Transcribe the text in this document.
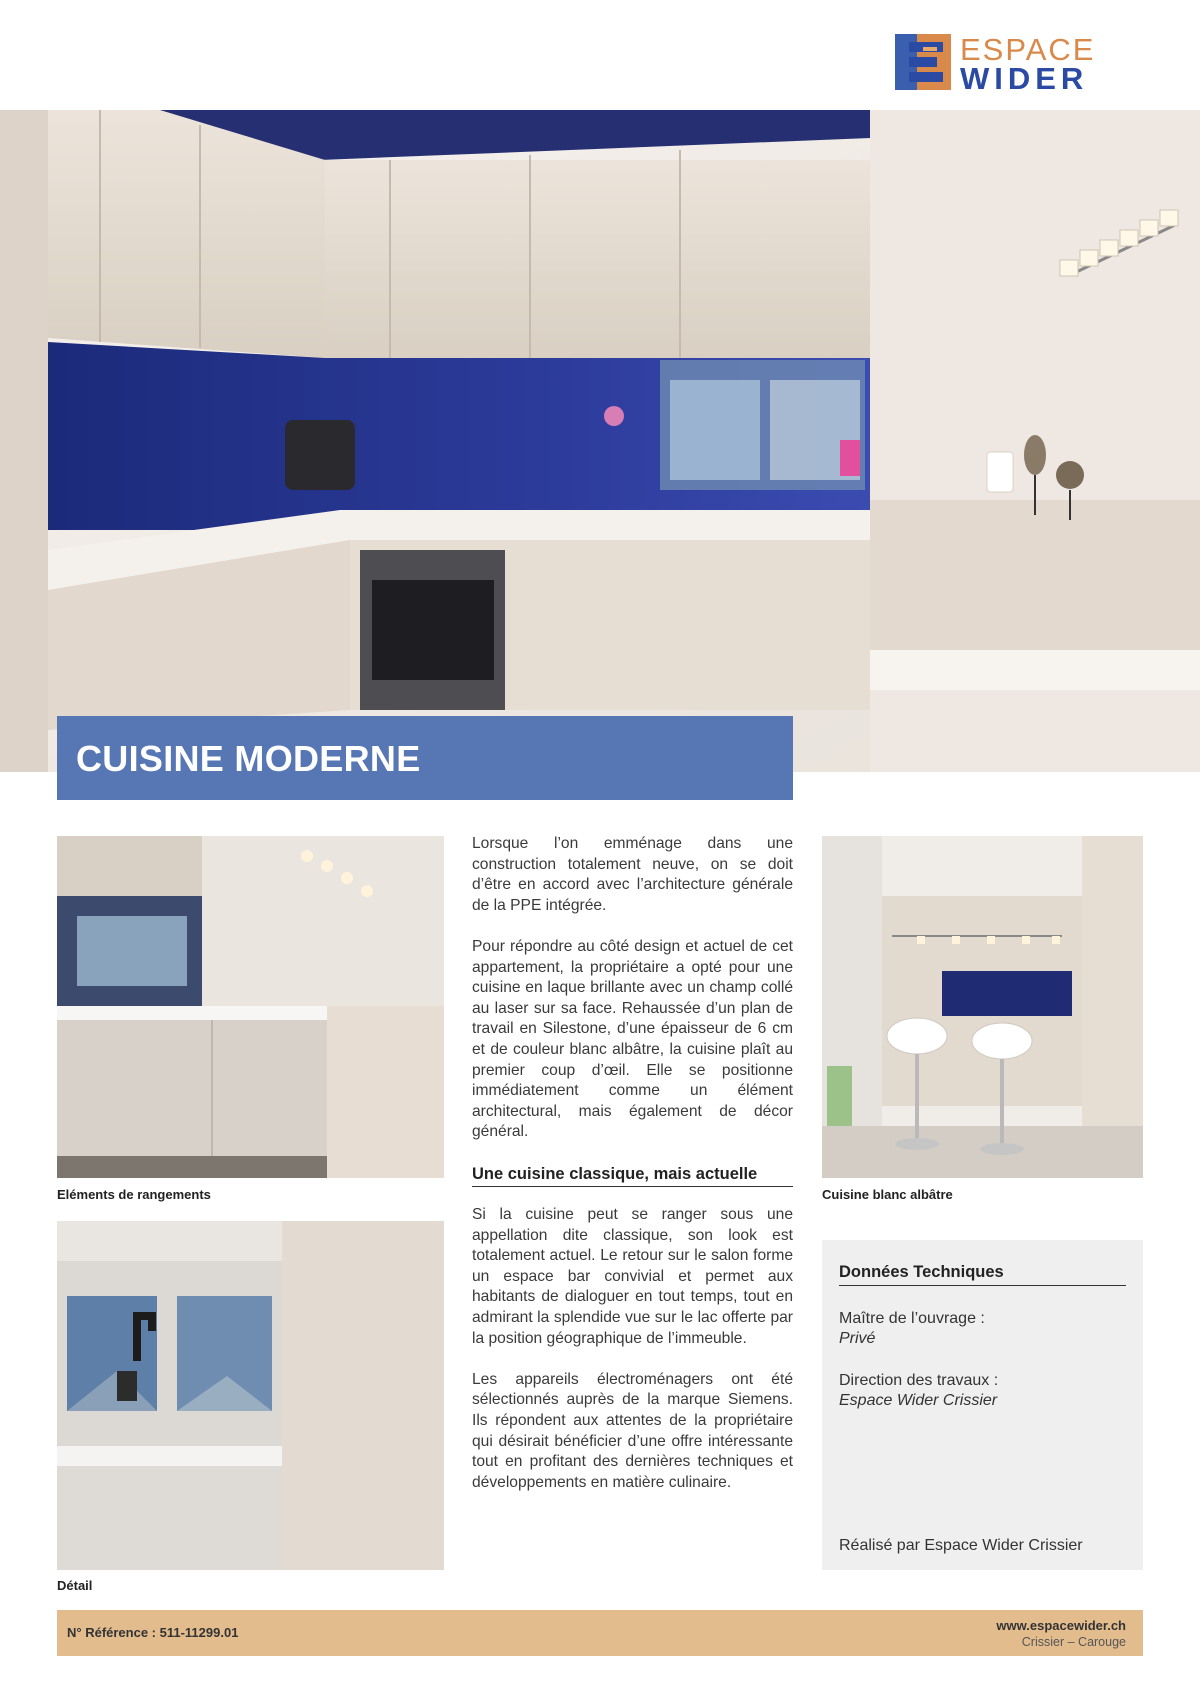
ESPACE
WIDER
CUISINE MODERNE
Eléments de rangements
Détail
Cuisine blanc albâtre

Lorsque l’on emménage dans une construction totalement neuve, on se doit d’être en accord avec l’architecture générale de la PPE intégrée.

Pour répondre au côté design et actuel de cet appartement, la propriétaire a opté pour une cuisine en laque brillante avec un champ collé au laser sur sa face. Rehaussée d’un plan de travail en Silestone, d’une épaisseur de 6 cm et de couleur blanc albâtre, la cuisine plaît au premier coup d’œil. Elle se positionne immédiatement comme un élément architectural, mais également de décor général.

Une cuisine classique, mais actuelle

Si la cuisine peut se ranger sous une appellation dite classique, son look est totalement actuel. Le retour sur le salon forme un espace bar convivial et permet aux habitants de dialoguer en tout temps, tout en admirant la splendide vue sur le lac offerte par la position géographique de l’immeuble.

Les appareils électroménagers ont été sélectionnés auprès de la marque Siemens. Ils répondent aux attentes de la propriétaire qui désirait bénéficier d’une offre intéressante tout en profitant des dernières techniques et développements en matière culinaire.

Données Techniques
Maître de l’ouvrage :
Privé
Direction des travaux :
Espace Wider Crissier
Réalisé par Espace Wider Crissier
N° Référence : 511-11299.01	www.espacewider.ch
Crissier – Carouge
